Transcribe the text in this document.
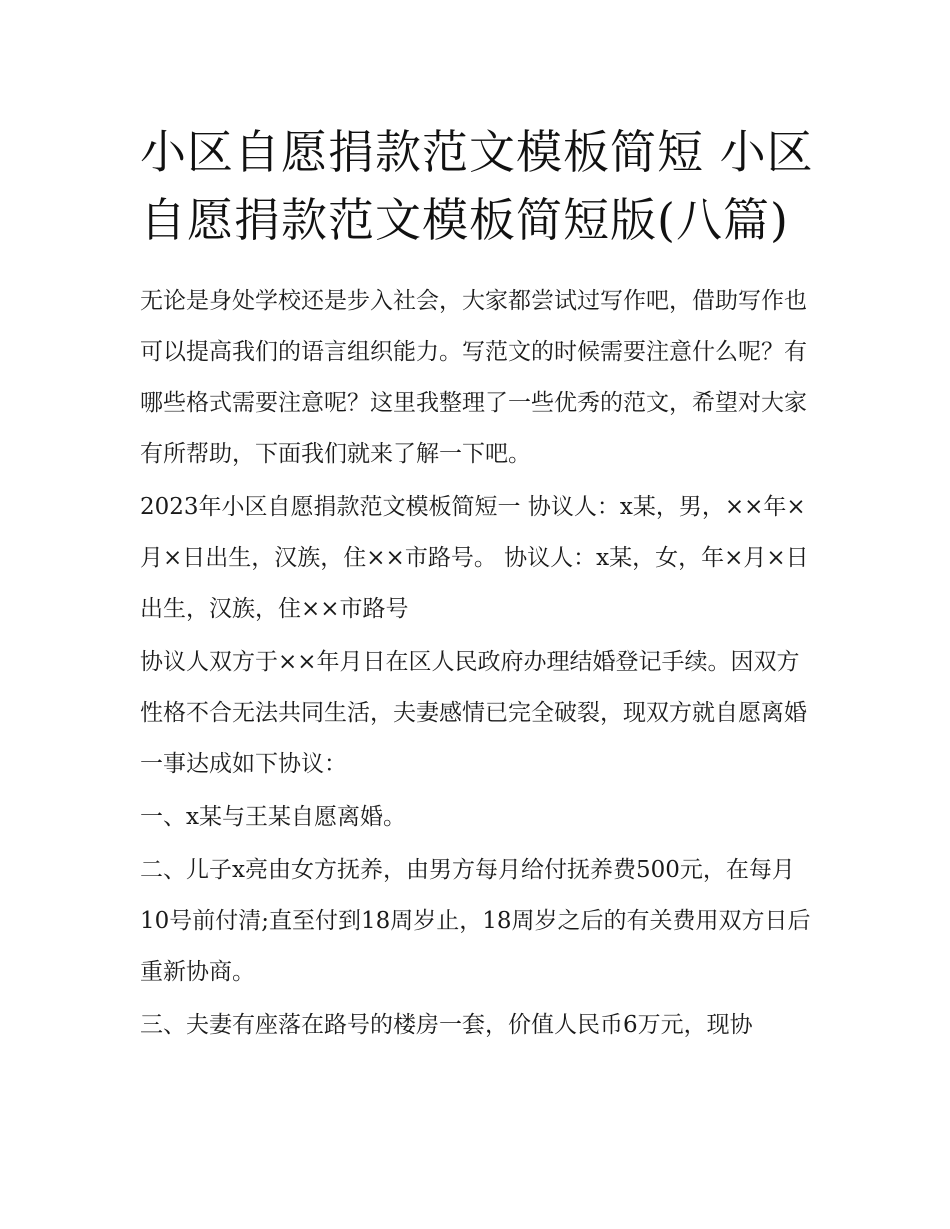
小区自愿捐款范文模板简短 小区自愿捐款范文模板简短版(八篇)

无论是身处学校还是步入社会，大家都尝试过写作吧，借助写作也可以提高我们的语言组织能力。写范文的时候需要注意什么呢？有哪些格式需要注意呢？这里我整理了一些优秀的范文，希望对大家有所帮助，下面我们就来了解一下吧。

2023年小区自愿捐款范文模板简短一 协议人：x某，男，××年×月×日出生，汉族，住××市路号。 协议人：x某，女，年×月×日出生，汉族，住××市路号

协议人双方于××年月日在区人民政府办理结婚登记手续。因双方性格不合无法共同生活，夫妻感情已完全破裂，现双方就自愿离婚一事达成如下协议：

一、x某与王某自愿离婚。

二、儿子x亮由女方抚养，由男方每月给付抚养费500元，在每月10号前付清;直至付到18周岁止，18周岁之后的有关费用双方日后重新协商。

三、夫妻有座落在路号的楼房一套，价值人民币6万元，现协
